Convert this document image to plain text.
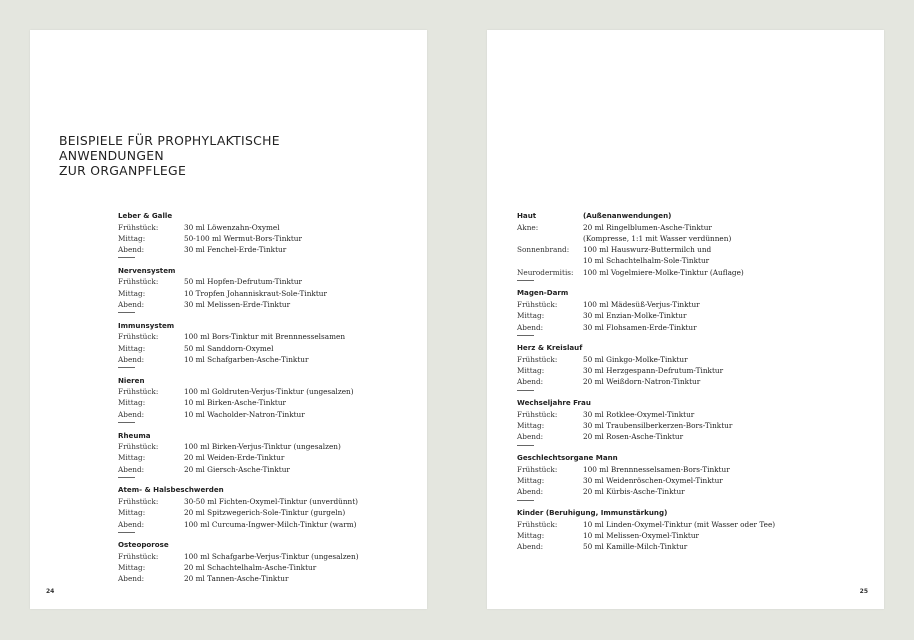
BEISPIELE FÜR PROPHYLAKTISCHE
ANWENDUNGEN
ZUR ORGANPFLEGE
Leber & Galle
Frühstück:	30 ml Löwenzahn-Oxymel
Mittag:	50-100 ml Wermut-Bors-Tinktur
Abend:	30 ml Fenchel-Erde-Tinktur
Nervensystem
Frühstück:	50 ml Hopfen-Defrutum-Tinktur
Mittag:	10 Tropfen Johanniskraut-Sole-Tinktur
Abend:	30 ml Melissen-Erde-Tinktur
Immunsystem
Frühstück:	100 ml Bors-Tinktur mit Brennnesselsamen
Mittag:	50 ml Sanddorn-Oxymel
Abend:	10 ml Schafgarben-Asche-Tinktur
Nieren
Frühstück:	100 ml Goldruten-Verjus-Tinktur (ungesalzen)
Mittag:	10 ml Birken-Asche-Tinktur
Abend:	10 ml Wacholder-Natron-Tinktur
Rheuma
Frühstück:	100 ml Birken-Verjus-Tinktur (ungesalzen)
Mittag:	20 ml Weiden-Erde-Tinktur
Abend:	20 ml Giersch-Asche-Tinktur
Atem- & Halsbeschwerden
Frühstück:	30-50 ml Fichten-Oxymel-Tinktur (unverdünnt)
Mittag:	20 ml Spitzwegerich-Sole-Tinktur (gurgeln)
Abend:	100 ml Curcuma-Ingwer-Milch-Tinktur (warm)
Osteoporose
Frühstück:	100 ml Schafgarbe-Verjus-Tinktur (ungesalzen)
Mittag:	20 ml Schachtelhalm-Asche-Tinktur
Abend:	20 ml Tannen-Asche-Tinktur
24
Haut	(Außenanwendungen)
Akne:	20 ml Ringelblumen-Asche-Tinktur
(Kompresse, 1:1 mit Wasser verdünnen)
Sonnenbrand: 100 ml Hauswurz-Buttermilch und
10 ml Schachtelhalm-Sole-Tinktur
Neurodermitis: 100 ml Vogelmiere-Molke-Tinktur (Auflage)
Magen-Darm
Frühstück:	100 ml Mädesüß-Verjus-Tinktur
Mittag:	30 ml Enzian-Molke-Tinktur
Abend:	30 ml Flohsamen-Erde-Tinktur
Herz & Kreislauf
Frühstück:	50 ml Ginkgo-Molke-Tinktur
Mittag:	30 ml Herzgespann-Defrutum-Tinktur
Abend:	20 ml Weißdorn-Natron-Tinktur
Wechseljahre Frau
Frühstück:	30 ml Rotklee-Oxymel-Tinktur
Mittag:	30 ml Traubensilberkerzen-Bors-Tinktur
Abend:	20 ml Rosen-Asche-Tinktur
Geschlechtsorgane Mann
Frühstück:	100 ml Brennnesselsamen-Bors-Tinktur
Mittag:	30 ml Weidenröschen-Oxymel-Tinktur
Abend:	20 ml Kürbis-Asche-Tinktur
Kinder (Beruhigung, Immunstärkung)
Frühstück:	10 ml Linden-Oxymel-Tinktur (mit Wasser oder Tee)
Mittag:	10 ml Melissen-Oxymel-Tinktur
Abend:	50 ml Kamille-Milch-Tinktur
25
